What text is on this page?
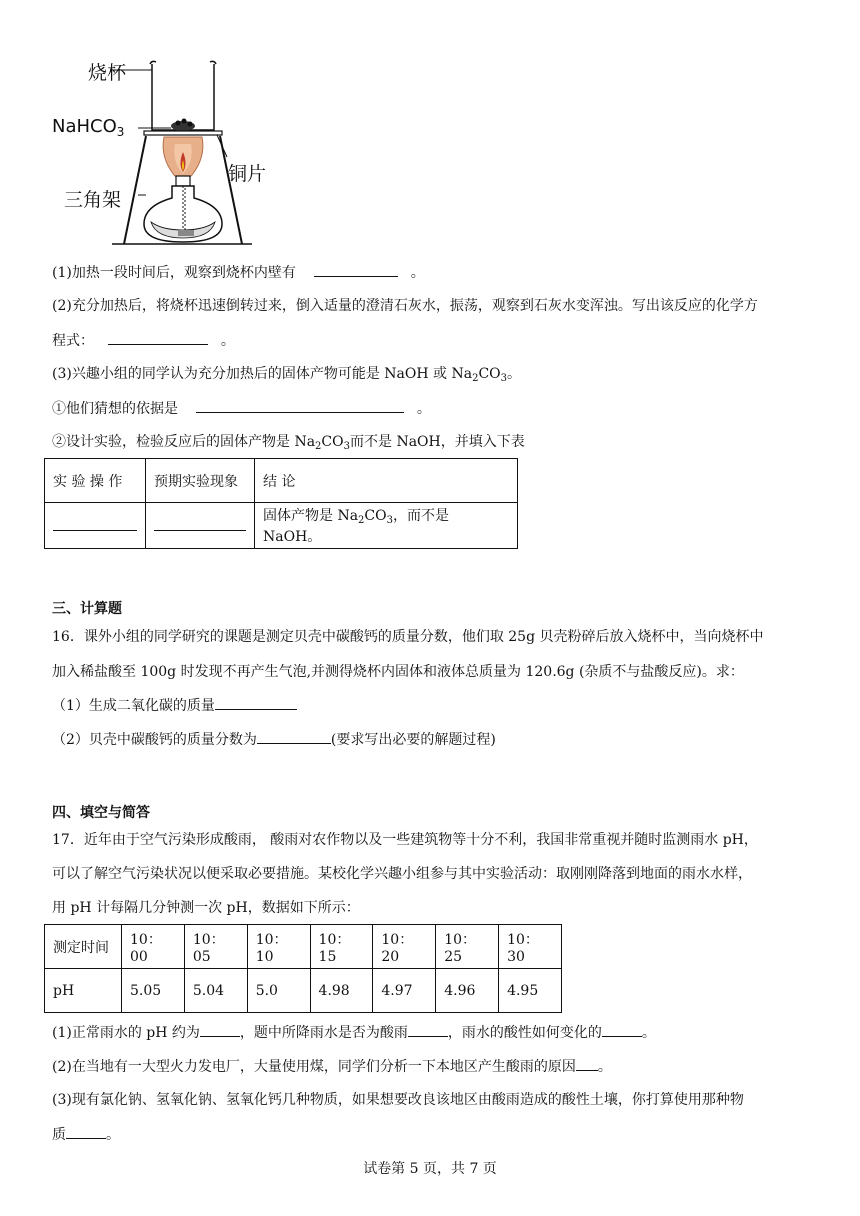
烧杯
NaHCO$_3$
铜片
三角架
(1)加热一段时间后，观察到烧杯内壁有	。
(2)充分加热后，将烧杯迅速倒转过来，倒入适量的澄清石灰水，振荡，观察到石灰水变浑浊。写出该反应的化学方
程式：	。
(3)兴趣小组的同学认为充分加热后的固体产物可能是 NaOH 或 $Na_2CO_3$。
①他们猜想的依据是	。
②设计实验，检验反应后的固体产物是 $Na_2CO_3$而不是 NaOH，并填入下表
实 验 操 作	预期实验现象	结 论
		固体产物是 $Na_2CO_3$，而不是 NaOH。
三、计算题
16．课外小组的同学研究的课题是测定贝壳中碳酸钙的质量分数，他们取 25g 贝壳粉碎后放入烧杯中，当向烧杯中
加入稀盐酸至 100g 时发现不再产生气泡,并测得烧杯内固体和液体总质量为 120.6g (杂质不与盐酸反应)。求：
（1）生成二氧化碳的质量
（2）贝壳中碳酸钙的质量分数为	(要求写出必要的解题过程)
四、填空与简答
17．近年由于空气污染形成酸雨， 酸雨对农作物以及一些建筑物等十分不利，我国非常重视并随时监测雨水 pH，
可以了解空气污染状况以便采取必要措施。某校化学兴趣小组参与其中实验活动：取刚刚降落到地面的雨水水样，
用 pH 计每隔几分钟测一次 pH，数据如下所示：
测定时间	10：00	10：05	10：10	10：15	10：20	10：25	10：30
pH	5.05	5.04	5.0	4.98	4.97	4.96	4.95
(1)正常雨水的 pH 约为	，题中所降雨水是否为酸雨	，雨水的酸性如何变化的	。
(2)在当地有一大型火力发电厂，大量使用煤，同学们分析一下本地区产生酸雨的原因 。
(3)现有氯化钠、氢氧化钠、氢氧化钙几种物质，如果想要改良该地区由酸雨造成的酸性土壤，你打算使用那种物
质	。
试卷第 5 页，共 7 页
